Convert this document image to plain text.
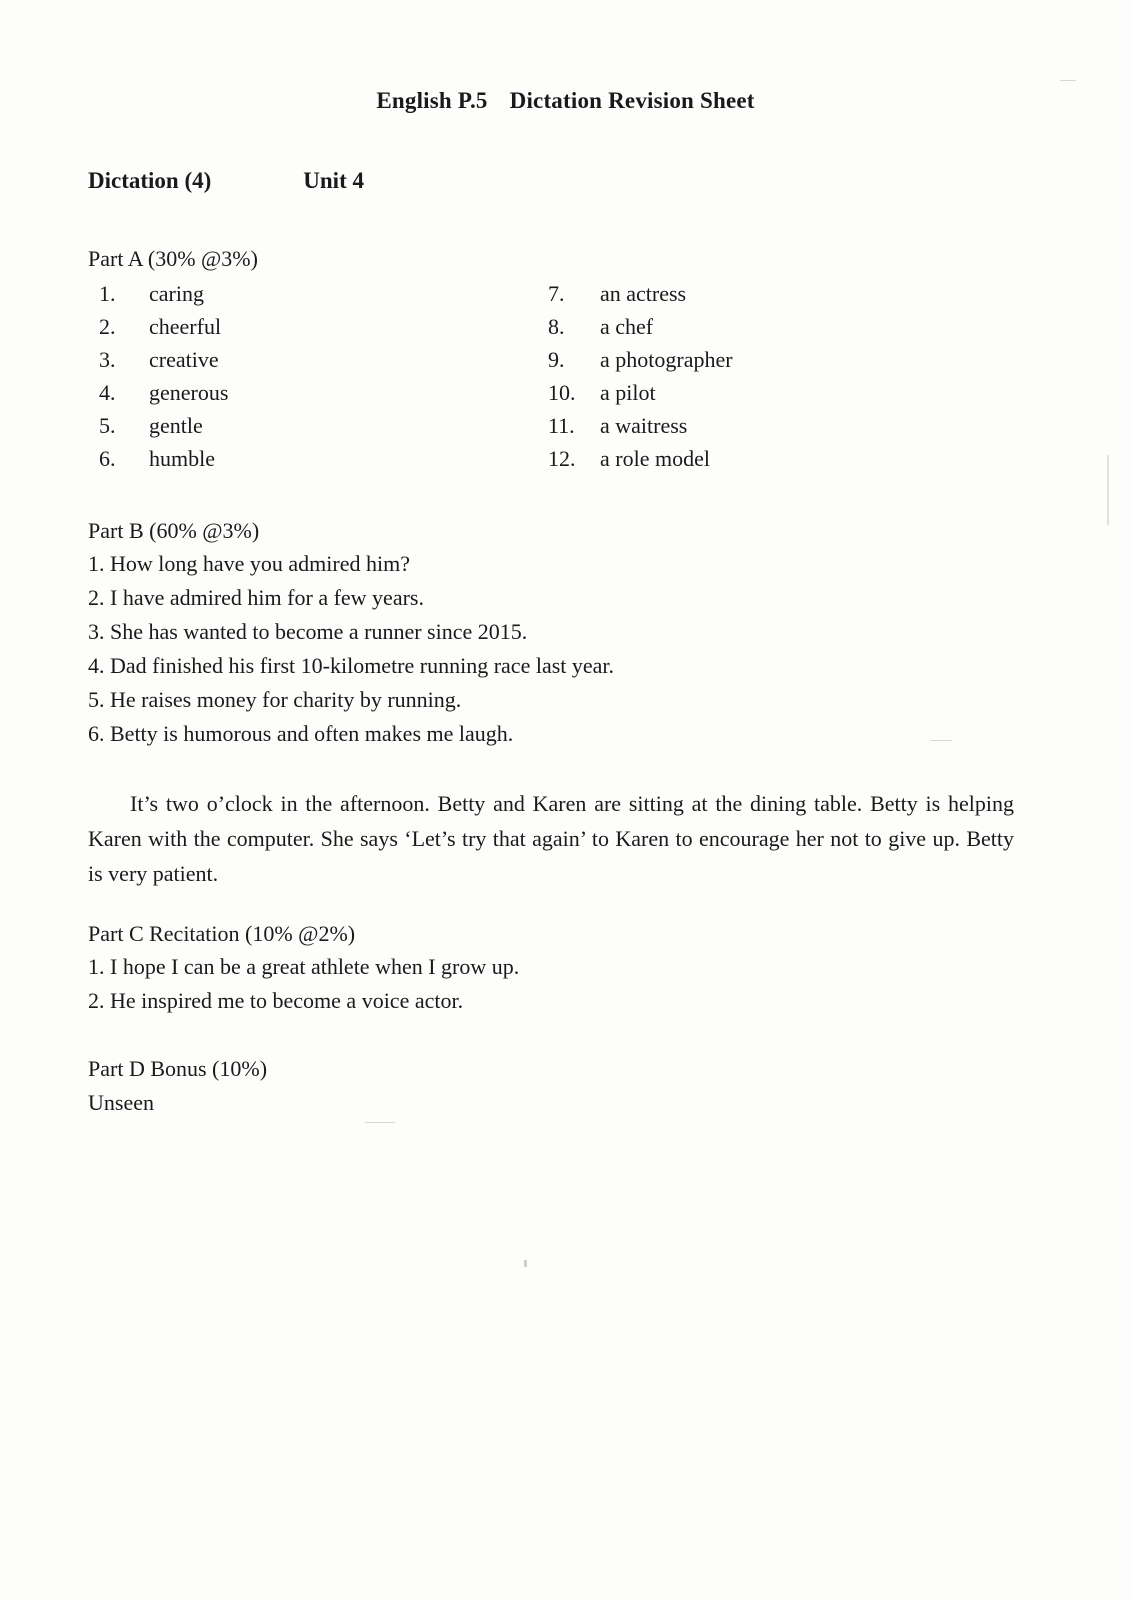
English P.5 Dictation Revision Sheet
Dictation (4)	Unit 4
Part A (30% @3%)
1.	caring
2.	cheerful
3.	creative
4.	generous
5.	gentle
6.	humble
7.	an actress
8.	a chef
9.	a photographer
10.	a pilot
11.	a waitress
12.	a role model
Part B (60% @3%)
1. How long have you admired him?
2. I have admired him for a few years.
3. She has wanted to become a runner since 2015.
4. Dad finished his first 10-kilometre running race last year.
5. He raises money for charity by running.
6. Betty is humorous and often makes me laugh.
It’s two o’clock in the afternoon. Betty and Karen are sitting at the dining table. Betty is helping Karen with the computer. She says ‘Let’s try that again’ to Karen to encourage her not to give up. Betty is very patient.
Part C Recitation (10% @2%)
1. I hope I can be a great athlete when I grow up.
2. He inspired me to become a voice actor.
Part D Bonus (10%)
Unseen
